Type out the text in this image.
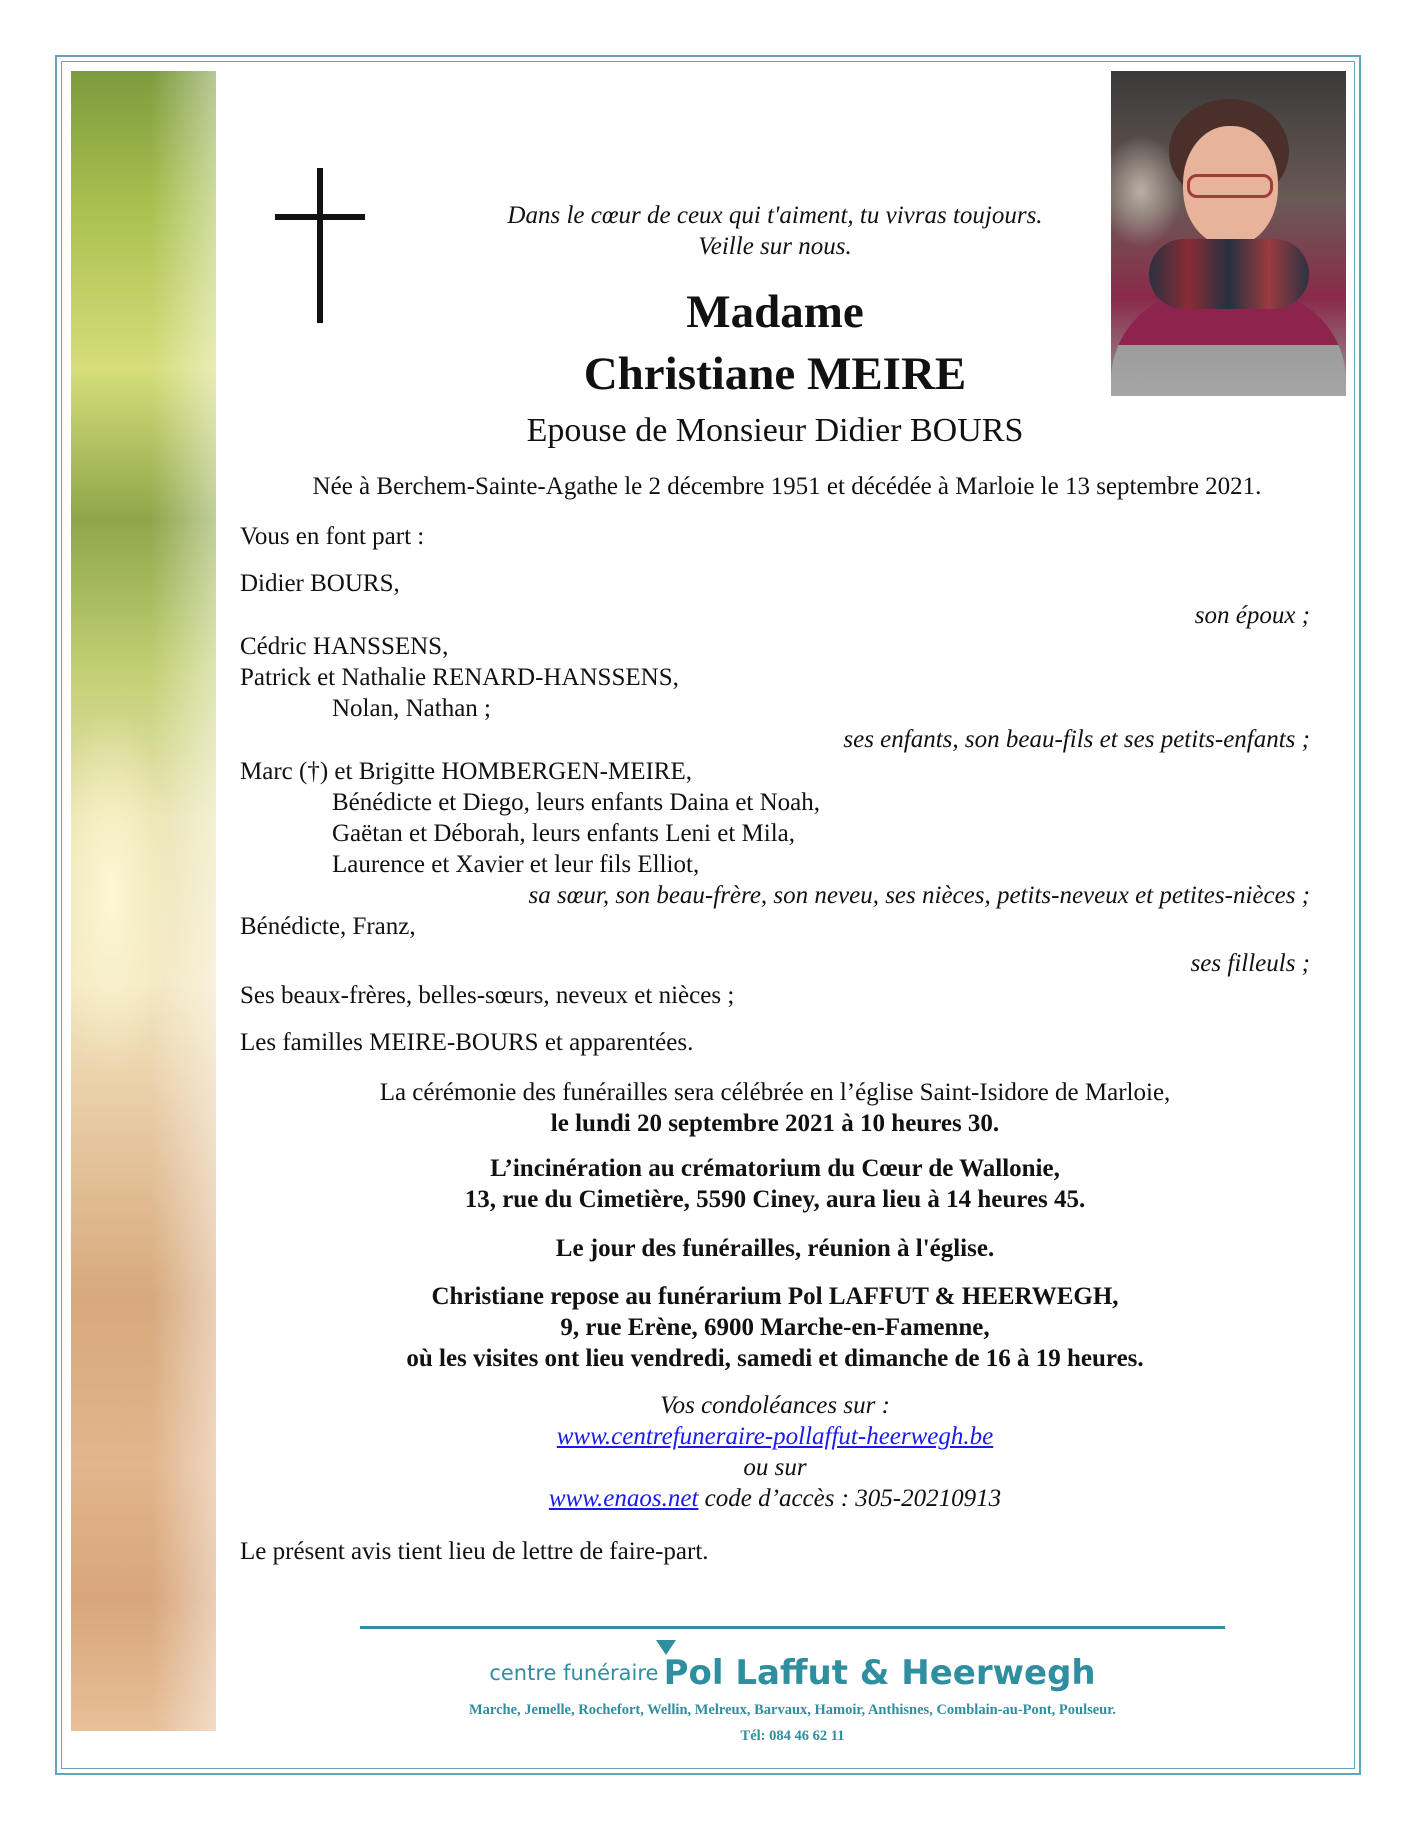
Dans le cœur de ceux qui t'aiment, tu vivras toujours.
Veille sur nous.
Madame
Christiane MEIRE
Epouse de Monsieur Didier BOURS
Née à Berchem-Sainte-Agathe le 2 décembre 1951 et décédée à Marloie le 13 septembre 2021.
Vous en font part :
Didier BOURS,
son époux ;
Cédric HANSSENS,
Patrick et Nathalie RENARD-HANSSENS,
Nolan, Nathan ;
ses enfants, son beau-fils et ses petits-enfants ;
Marc (†) et Brigitte HOMBERGEN-MEIRE,
Bénédicte et Diego, leurs enfants Daina et Noah,
Gaëtan et Déborah, leurs enfants Leni et Mila,
Laurence et Xavier et leur fils Elliot,
sa sœur, son beau-frère, son neveu, ses nièces, petits-neveux et petites-nièces ;
Bénédicte, Franz,
ses filleuls ;
Ses beaux-frères, belles-sœurs, neveux et nièces ;
Les familles MEIRE-BOURS et apparentées.
La cérémonie des funérailles sera célébrée en l’église Saint-Isidore de Marloie,
le lundi 20 septembre 2021 à 10 heures 30.
L’incinération au crématorium du Cœur de Wallonie,
13, rue du Cimetière, 5590 Ciney, aura lieu à 14 heures 45.
Le jour des funérailles, réunion à l'église.
Christiane repose au funérarium Pol LAFFUT & HEERWEGH,
9, rue Erène, 6900 Marche-en-Famenne,
où les visites ont lieu vendredi, samedi et dimanche de 16 à 19 heures.
Vos condoléances sur :
www.centrefuneraire-pollaffut-heerwegh.be
ou sur
www.enaos.net code d’accès : 305-20210913
Le présent avis tient lieu de lettre de faire-part.
centre funéraire Pol Laffut & Heerwegh
Marche, Jemelle, Rochefort, Wellin, Melreux, Barvaux, Hamoir, Anthisnes, Comblain-au-Pont, Poulseur.
Tél: 084 46 62 11
